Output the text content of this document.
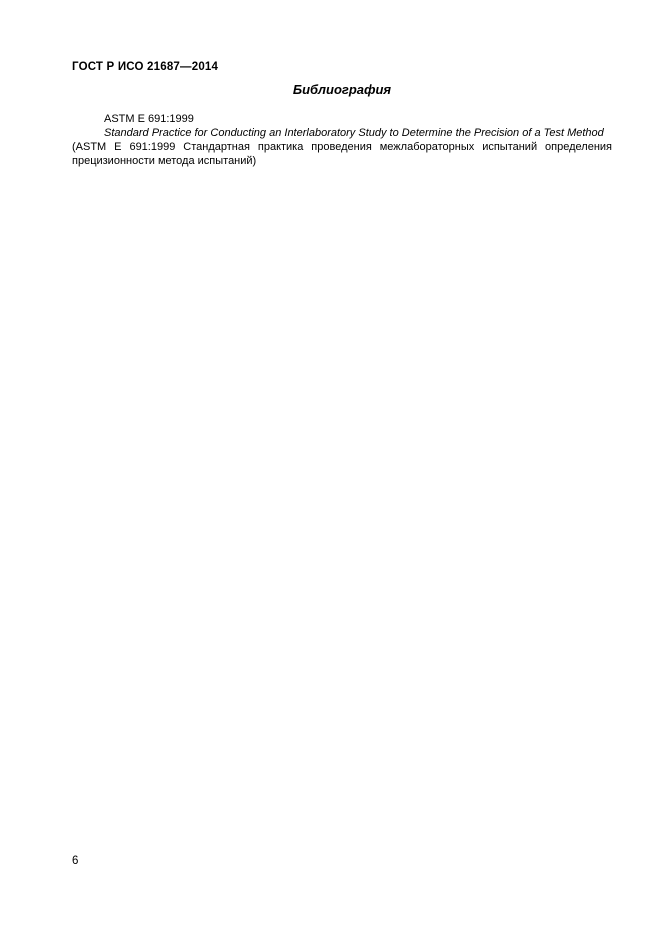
ГОСТ Р ИСО 21687—2014
Библиография
ASTM E 691:1999
Standard Practice for Conducting an Interlaboratory Study to Determine the Precision of a Test Method
(ASTM E 691:1999 Стандартная практика проведения межлабораторных испытаний определения прецизионности метода испытаний)
6
